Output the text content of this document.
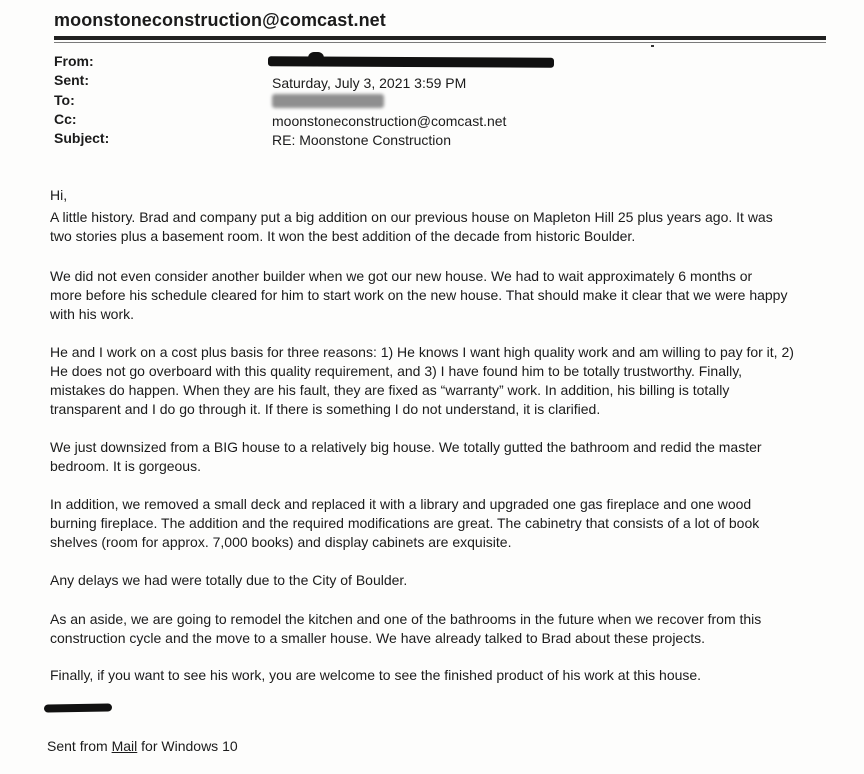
moonstoneconstruction@comcast.net
From:
Sent:	Saturday, July 3, 2021 3:59 PM
To:
Cc:	moonstoneconstruction@comcast.net
Subject:	RE: Moonstone Construction
Hi,
A little history. Brad and company put a big addition on our previous house on Mapleton Hill 25 plus years ago. It was
two stories plus a basement room. It won the best addition of the decade from historic Boulder.
We did not even consider another builder when we got our new house. We had to wait approximately 6 months or
more before his schedule cleared for him to start work on the new house. That should make it clear that we were happy
with his work.
He and I work on a cost plus basis for three reasons: 1) He knows I want high quality work and am willing to pay for it, 2)
He does not go overboard with this quality requirement, and 3) I have found him to be totally trustworthy. Finally,
mistakes do happen. When they are his fault, they are fixed as “warranty” work. In addition, his billing is totally
transparent and I do go through it. If there is something I do not understand, it is clarified.
We just downsized from a BIG house to a relatively big house. We totally gutted the bathroom and redid the master
bedroom. It is gorgeous.
In addition, we removed a small deck and replaced it with a library and upgraded one gas fireplace and one wood
burning fireplace. The addition and the required modifications are great. The cabinetry that consists of a lot of book
shelves (room for approx. 7,000 books) and display cabinets are exquisite.
Any delays we had were totally due to the City of Boulder.
As an aside, we are going to remodel the kitchen and one of the bathrooms in the future when we recover from this
construction cycle and the move to a smaller house. We have already talked to Brad about these projects.
Finally, if you want to see his work, you are welcome to see the finished product of his work at this house.
Sent from Mail for Windows 10
